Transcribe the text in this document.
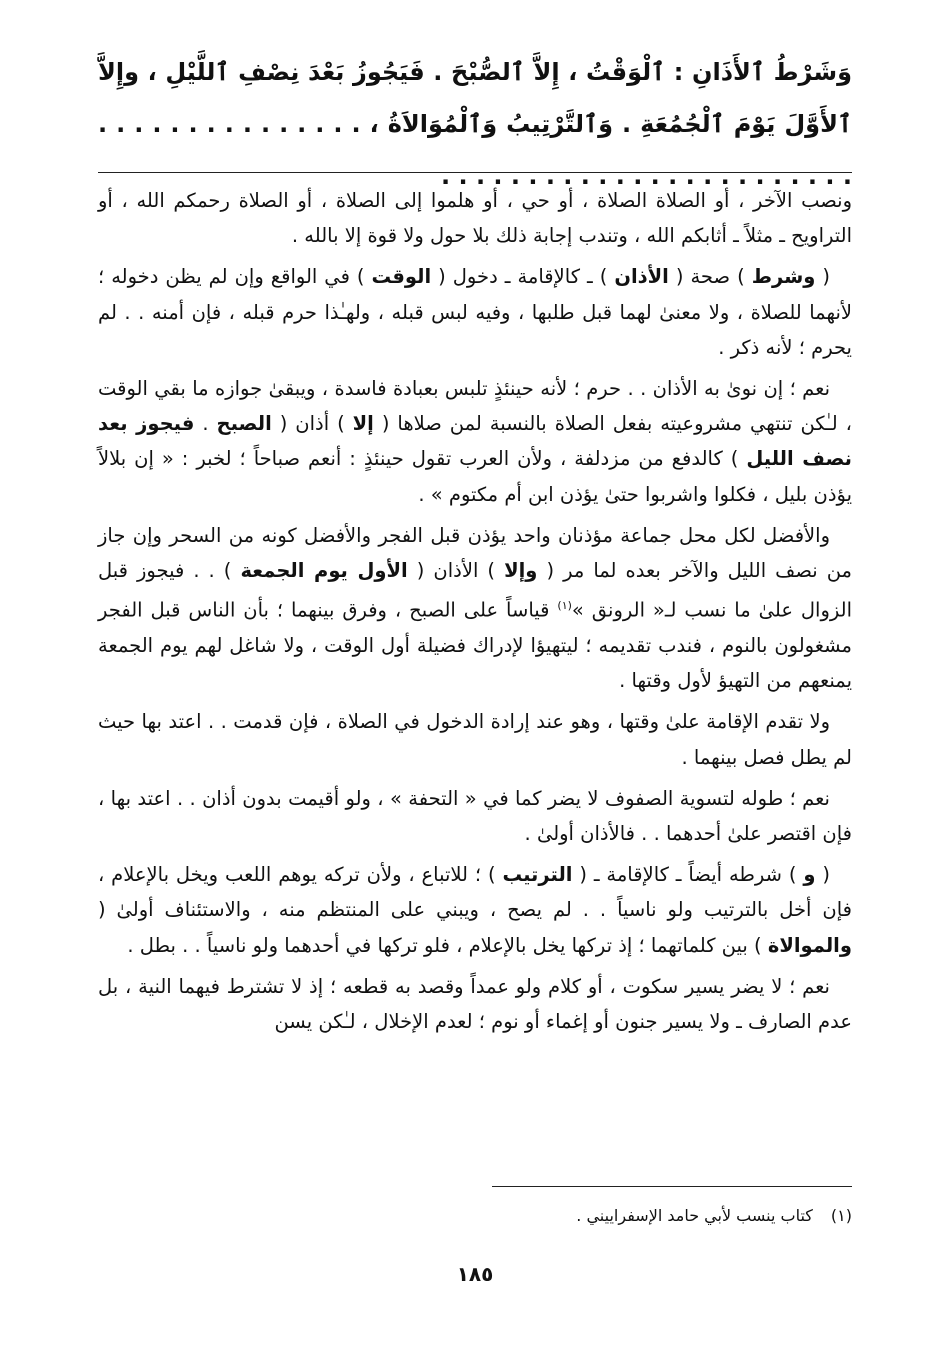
وَشَرْطُ ٱلأَذَانِ : ٱلْوَقْتُ ، إِلاَّ ٱلصُّبْحَ . فَيَجُوزُ بَعْدَ نِصْفِ ٱللَّيْلِ ، وإِلاَّ ٱلأَوَّلَ يَوْمَ ٱلْجُمُعَةِ . وَٱلتَّرْتِيبُ وَٱلْمُوَالاَةُ ، . . . . . . . . . . . . . . . . . . . . . . . . . . . . . . . . . . . . . . .

ونصب الآخر ، أو الصلاة الصلاة ، أو حي ، أو هلموا إلى الصلاة ، أو الصلاة رحمكم الله ، أو التراويح ـ مثلاً ـ أثابكم الله ، وتندب إجابة ذلك بلا حول ولا قوة إلا بالله .

( وشرط ) صحة ( الأذان ) ـ كالإقامة ـ دخول ( الوقت ) في الواقع وإن لم يظن دخوله ؛ لأنهما للصلاة ، ولا معنىٰ لهما قبل طلبها ، وفيه لبس قبله ، ولهـٰذا حرم قبله ، فإن أمنه . . لم يحرم ؛ لأنه ذكر .

نعم ؛ إن نوىٰ به الأذان . . حرم ؛ لأنه حينئذٍ تلبس بعبادة فاسدة ، ويبقىٰ جوازه ما بقي الوقت ، لـٰكن تنتهي مشروعيته بفعل الصلاة بالنسبة لمن صلاها ( إلا ) أذان ( الصبح . فيجوز بعد نصف الليل ) كالدفع من مزدلفة ، ولأن العرب تقول حينئذٍ : أنعم صباحاً ؛ لخبر : « إن بلالاً يؤذن بليل ، فكلوا واشربوا حتىٰ يؤذن ابن أم مكتوم » .

والأفضل لكل محل جماعة مؤذنان واحد يؤذن قبل الفجر والأفضل كونه من السحر وإن جاز من نصف الليل والآخر بعده لما مر ( وإلا ) الأذان ( الأول يوم الجمعة ) . . فيجوز قبل الزوال علىٰ ما نسب لـ« الرونق »$^{(١)}$ قياساً على الصبح ، وفرق بينهما ؛ بأن الناس قبل الفجر مشغولون بالنوم ، فندب تقديمه ؛ ليتهيؤا لإدراك فضيلة أول الوقت ، ولا شاغل لهم يوم الجمعة يمنعهم من التهيؤ لأول وقتها .

ولا تقدم الإقامة علىٰ وقتها ، وهو عند إرادة الدخول في الصلاة ، فإن قدمت . . اعتد بها حيث لم يطل فصل بينهما .

نعم ؛ طوله لتسوية الصفوف لا يضر كما في « التحفة » ، ولو أقيمت بدون أذان . . اعتد بها ، فإن اقتصر علىٰ أحدهما . . فالأذان أولىٰ .

( و ) شرطه أيضاً ـ كالإقامة ـ ( الترتيب ) ؛ للاتباع ، ولأن تركه يوهم اللعب ويخل بالإعلام ، فإن أخل بالترتيب ولو ناسياً . . لم يصح ، ويبني على المنتظم منه ، والاستئناف أولىٰ ( والموالاة ) بين كلماتهما ؛ إذ تركها يخل بالإعلام ، فلو تركها في أحدهما ولو ناسياً . . بطل .

نعم ؛ لا يضر يسير سكوت ، أو كلام ولو عمداً وقصد به قطعه ؛ إذ لا تشترط فيهما النية ، بل عدم الصارف ـ ولا يسير جنون أو إغماء أو نوم ؛ لعدم الإخلال ، لـٰكن يسن

(١)كتاب ينسب لأبي حامد الإسفراييني .
١٨٥
